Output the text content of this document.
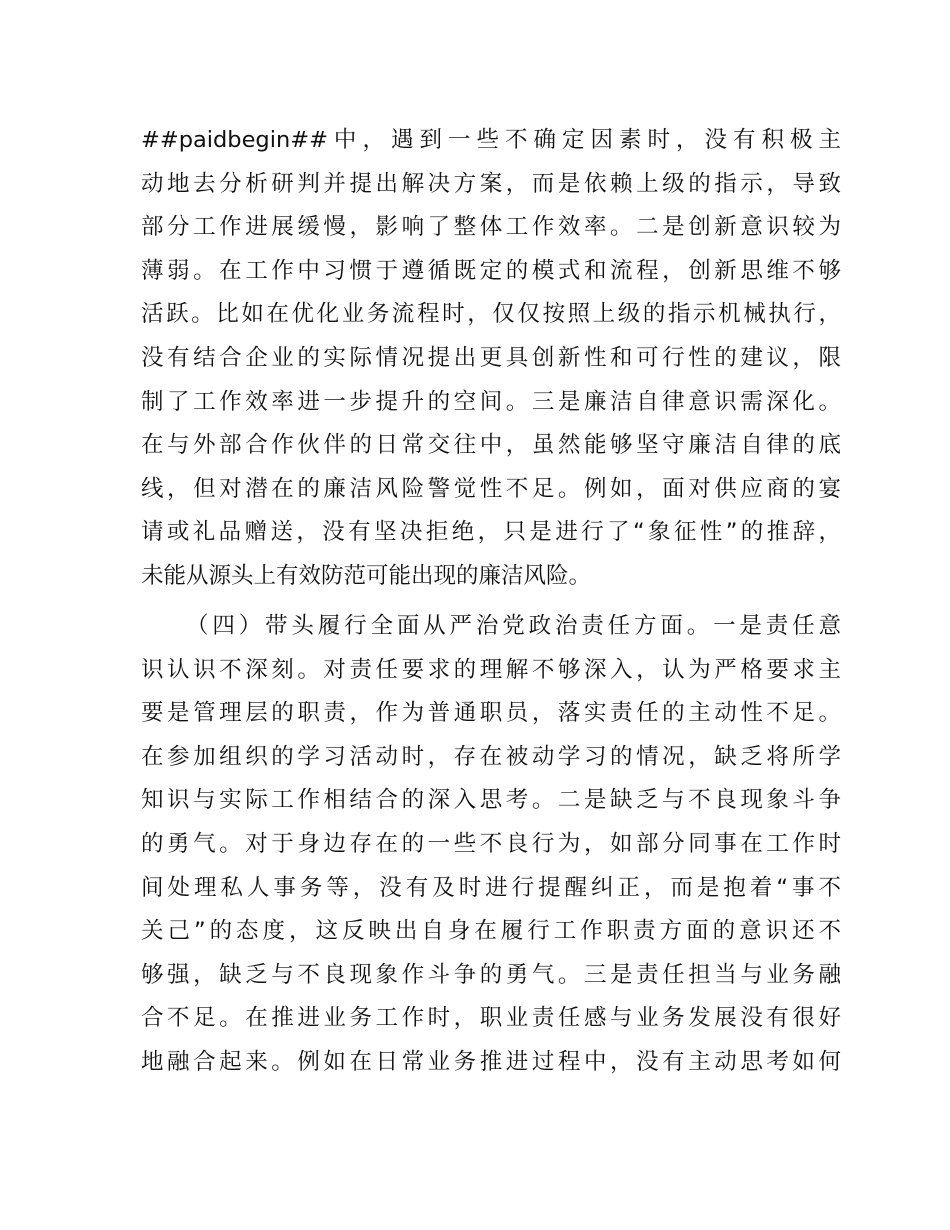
##paidbegin##中，遇到一些不确定因素时，没有积极主
动地去分析研判并提出解决方案，而是依赖上级的指示，导致
部分工作进展缓慢，影响了整体工作效率。二是创新意识较为
薄弱。在工作中习惯于遵循既定的模式和流程，创新思维不够
活跃。比如在优化业务流程时，仅仅按照上级的指示机械执行，
没有结合企业的实际情况提出更具创新性和可行性的建议，限
制了工作效率进一步提升的空间。三是廉洁自律意识需深化。
在与外部合作伙伴的日常交往中，虽然能够坚守廉洁自律的底
线，但对潜在的廉洁风险警觉性不足。例如，面对供应商的宴
请或礼品赠送，没有坚决拒绝，只是进行了“象征性”的推辞，
未能从源头上有效防范可能出现的廉洁风险。
（四）带头履行全面从严治党政治责任方面。一是责任意
识认识不深刻。对责任要求的理解不够深入，认为严格要求主
要是管理层的职责，作为普通职员，落实责任的主动性不足。
在参加组织的学习活动时，存在被动学习的情况，缺乏将所学
知识与实际工作相结合的深入思考。二是缺乏与不良现象斗争
的勇气。对于身边存在的一些不良行为，如部分同事在工作时
间处理私人事务等，没有及时进行提醒纠正，而是抱着“事不
关己”的态度，这反映出自身在履行工作职责方面的意识还不
够强，缺乏与不良现象作斗争的勇气。三是责任担当与业务融
合不足。在推进业务工作时，职业责任感与业务发展没有很好
地融合起来。例如在日常业务推进过程中，没有主动思考如何
